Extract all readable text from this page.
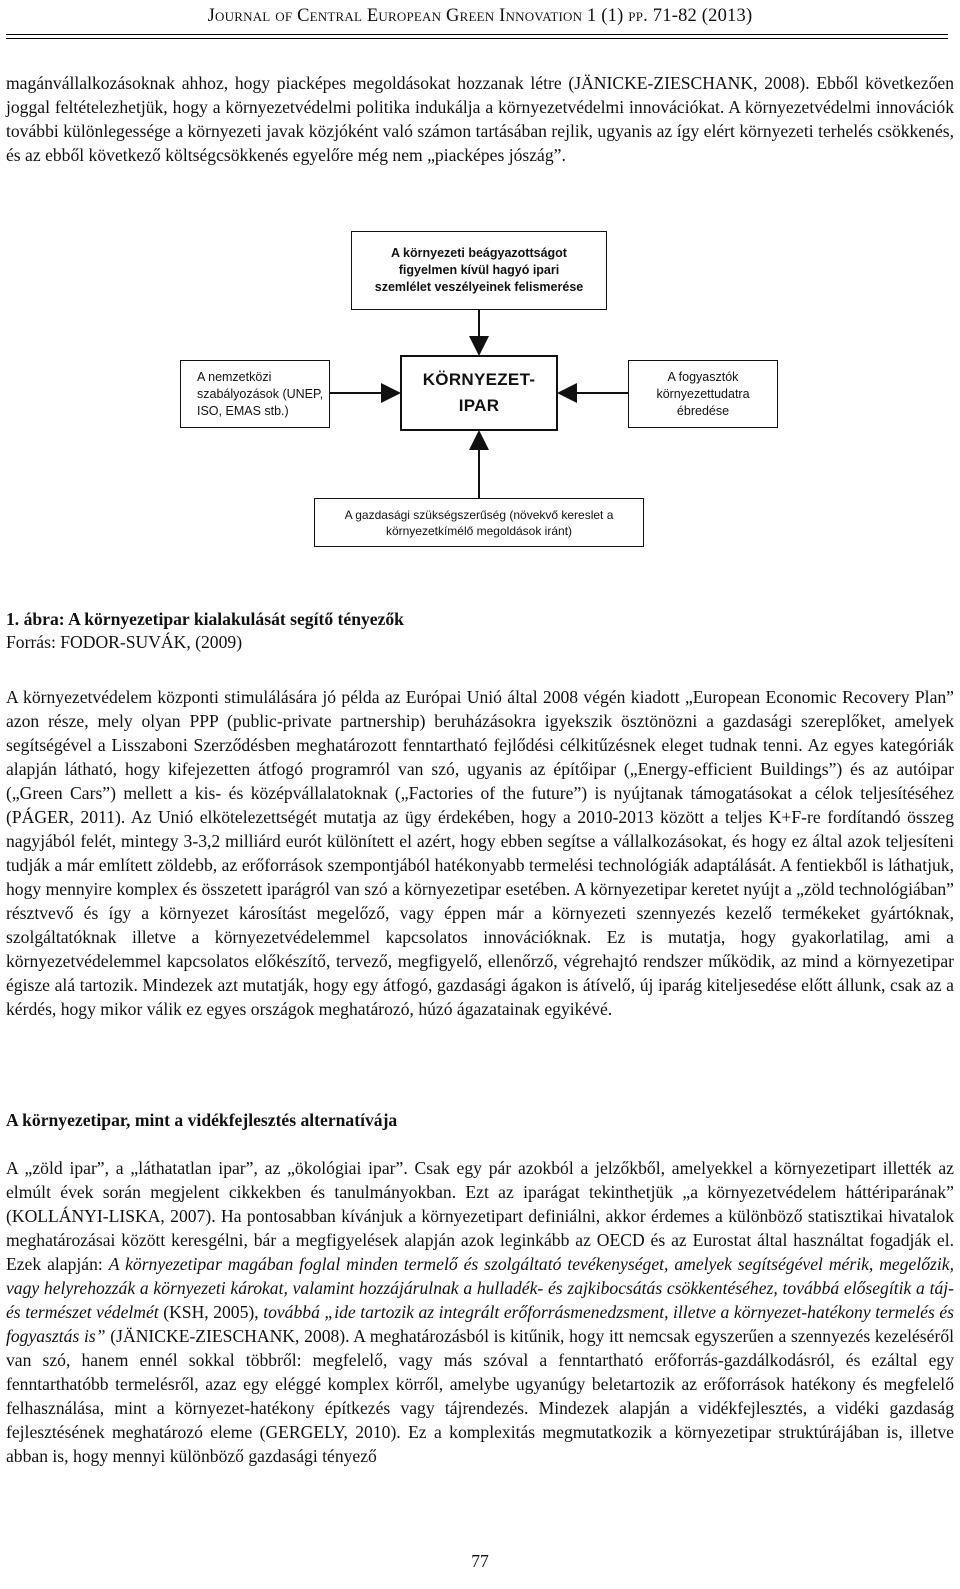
Journal of Central European Green Innovation 1 (1) pp. 71-82 (2013)

magánvállalkozásoknak ahhoz, hogy piacképes megoldásokat hozzanak létre (JÄNICKE-ZIESCHANK, 2008). Ebből következően joggal feltételezhetjük, hogy a környezetvédelmi politika indukálja a környezetvédelmi innovációkat. A környezetvédelmi innovációk további különlegessége a környezeti javak közjóként való számon tartásában rejlik, ugyanis az így elért környezeti terhelés csökkenés, és az ebből következő költségcsökkenés egyelőre még nem „piacképes jószág”.

A környezeti beágyazottságot
figyelmen kívül hagyó ipari
szemlélet veszélyeinek felismerése
A nemzetközi
szabályozások (UNEP,
ISO, EMAS stb.)
KÖRNYEZET-
IPAR
A fogyasztók
környezettudatra
ébredése
A gazdasági szükségszerűség (növekvő kereslet a
környezetkímélő megoldások iránt)
1. ábra: A környezetipar kialakulását segítő tényezők
Forrás: FODOR-SUVÁK, (2009)

A környezetvédelem központi stimulálására jó példa az Európai Unió által 2008 végén kiadott „European Economic Recovery Plan” azon része, mely olyan PPP (public-private partnership) beruházásokra igyekszik ösztönözni a gazdasági szereplőket, amelyek segítségével a Lisszaboni Szerződésben meghatározott fenntartható fejlődési célkitűzésnek eleget tudnak tenni. Az egyes kategóriák alapján látható, hogy kifejezetten átfogó programról van szó, ugyanis az építőipar („Energy-efficient Buildings”) és az autóipar („Green Cars”) mellett a kis- és középvállalatoknak („Factories of the future”) is nyújtanak támogatásokat a célok teljesítéséhez (PÁGER, 2011). Az Unió elkötelezettségét mutatja az ügy érdekében, hogy a 2010-2013 között a teljes K+F-re fordítandó összeg nagyjából felét, mintegy 3-3,2 milliárd eurót különített el azért, hogy ebben segítse a vállalkozásokat, és hogy ez által azok teljesíteni tudják a már említett zöldebb, az erőforrások szempontjából hatékonyabb termelési technológiák adaptálását. A fentiekből is láthatjuk, hogy mennyire komplex és összetett iparágról van szó a környezetipar esetében. A környezetipar keretet nyújt a „zöld technológiában” résztvevő és így a környezet károsítást megelőző, vagy éppen már a környezeti szennyezés kezelő termékeket gyártóknak, szolgáltatóknak illetve a környezetvédelemmel kapcsolatos innovációknak. Ez is mutatja, hogy gyakorlatilag, ami a környezetvédelemmel kapcsolatos előkészítő, tervező, megfigyelő, ellenőrző, végrehajtó rendszer működik, az mind a környezetipar égisze alá tartozik. Mindezek azt mutatják, hogy egy átfogó, gazdasági ágakon is átívelő, új iparág kiteljesedése előtt állunk, csak az a kérdés, hogy mikor válik ez egyes országok meghatározó, húzó ágazatainak egyikévé.

A környezetipar, mint a vidékfejlesztés alternatívája

A „zöld ipar”, a „láthatatlan ipar”, az „ökológiai ipar”. Csak egy pár azokból a jelzőkből, amelyekkel a környezetipart illették az elmúlt évek során megjelent cikkekben és tanulmányokban. Ezt az iparágat tekinthetjük „a környezetvédelem háttériparának” (KOLLÁNYI-LISKA, 2007). Ha pontosabban kívánjuk a környezetipart definiálni, akkor érdemes a különböző statisztikai hivatalok meghatározásai között keresgélni, bár a megfigyelések alapján azok leginkább az OECD és az Eurostat által használtat fogadják el. Ezek alapján: A környezetipar magában foglal minden termelő és szolgáltató tevékenységet, amelyek segítségével mérik, megelőzik, vagy helyrehozzák a környezeti károkat, valamint hozzájárulnak a hulladék- és zajkibocsátás csökkentéséhez, továbbá elősegítik a táj- és természet védelmét (KSH, 2005), továbbá „ide tartozik az integrált erőforrásmenedzsment, illetve a környezet-hatékony termelés és fogyasztás is” (JÄNICKE-ZIESCHANK, 2008). A meghatározásból is kitűnik, hogy itt nemcsak egyszerűen a szennyezés kezeléséről van szó, hanem ennél sokkal többről: megfelelő, vagy más szóval a fenntartható erőforrás-gazdálkodásról, és ezáltal egy fenntarthatóbb termelésről, azaz egy eléggé komplex körről, amelybe ugyanúgy beletartozik az erőforrások hatékony és megfelelő felhasználása, mint a környezet-hatékony építkezés vagy tájrendezés. Mindezek alapján a vidékfejlesztés, a vidéki gazdaság fejlesztésének meghatározó eleme (GERGELY, 2010). Ez a komplexitás megmutatkozik a környezetipar struktúrájában is, illetve abban is, hogy mennyi különböző gazdasági tényező

77
